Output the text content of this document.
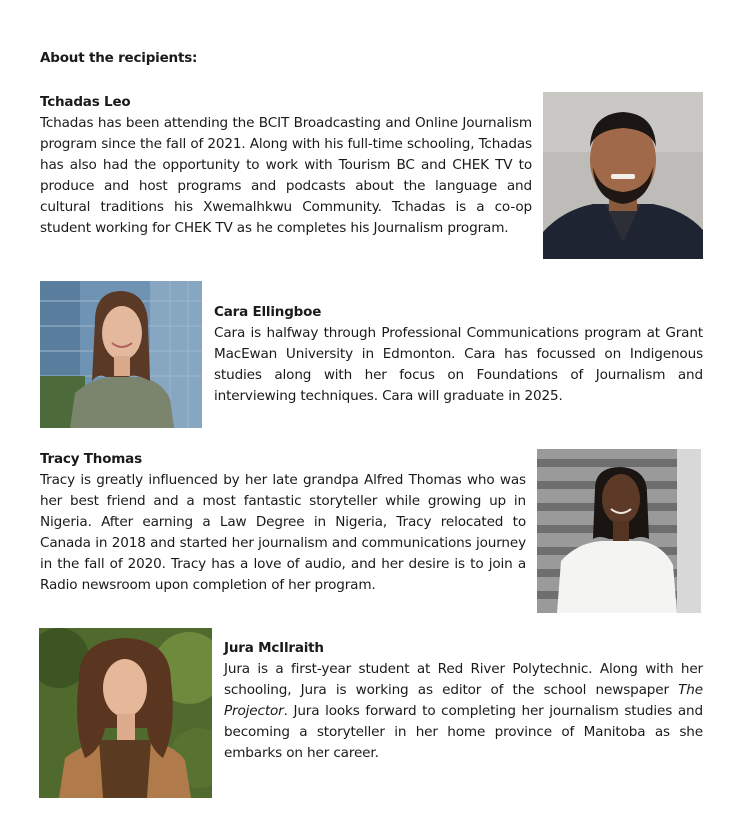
About the recipients:

Tchadas Leo

Tchadas has been attending the BCIT Broadcasting and Online Journalism program since the fall of 2021. Along with his full-time schooling, Tchadas has also had the opportunity to work with Tourism BC and CHEK TV to produce and host programs and podcasts about the language and cultural traditions his Xwemalhkwu Community. Tchadas is a co-op student working for CHEK TV as he completes his Journalism program.

Cara Ellingboe

Cara is halfway through Professional Communications program at Grant MacEwan University in Edmonton. Cara has focussed on Indigenous studies along with her focus on Foundations of Journalism and interviewing techniques. Cara will graduate in 2025.

Tracy Thomas

Tracy is greatly influenced by her late grandpa Alfred Thomas who was her best friend and a most fantastic storyteller while growing up in Nigeria. After earning a Law Degree in Nigeria, Tracy relocated to Canada in 2018 and started her journalism and communications journey in the fall of 2020. Tracy has a love of audio, and her desire is to join a Radio newsroom upon completion of her program.

Jura McIlraith

Jura is a first-year student at Red River Polytechnic. Along with her schooling, Jura is working as editor of the school newspaper The Projector. Jura looks forward to completing her journalism studies and becoming a storyteller in her home province of Manitoba as she embarks on her career.
